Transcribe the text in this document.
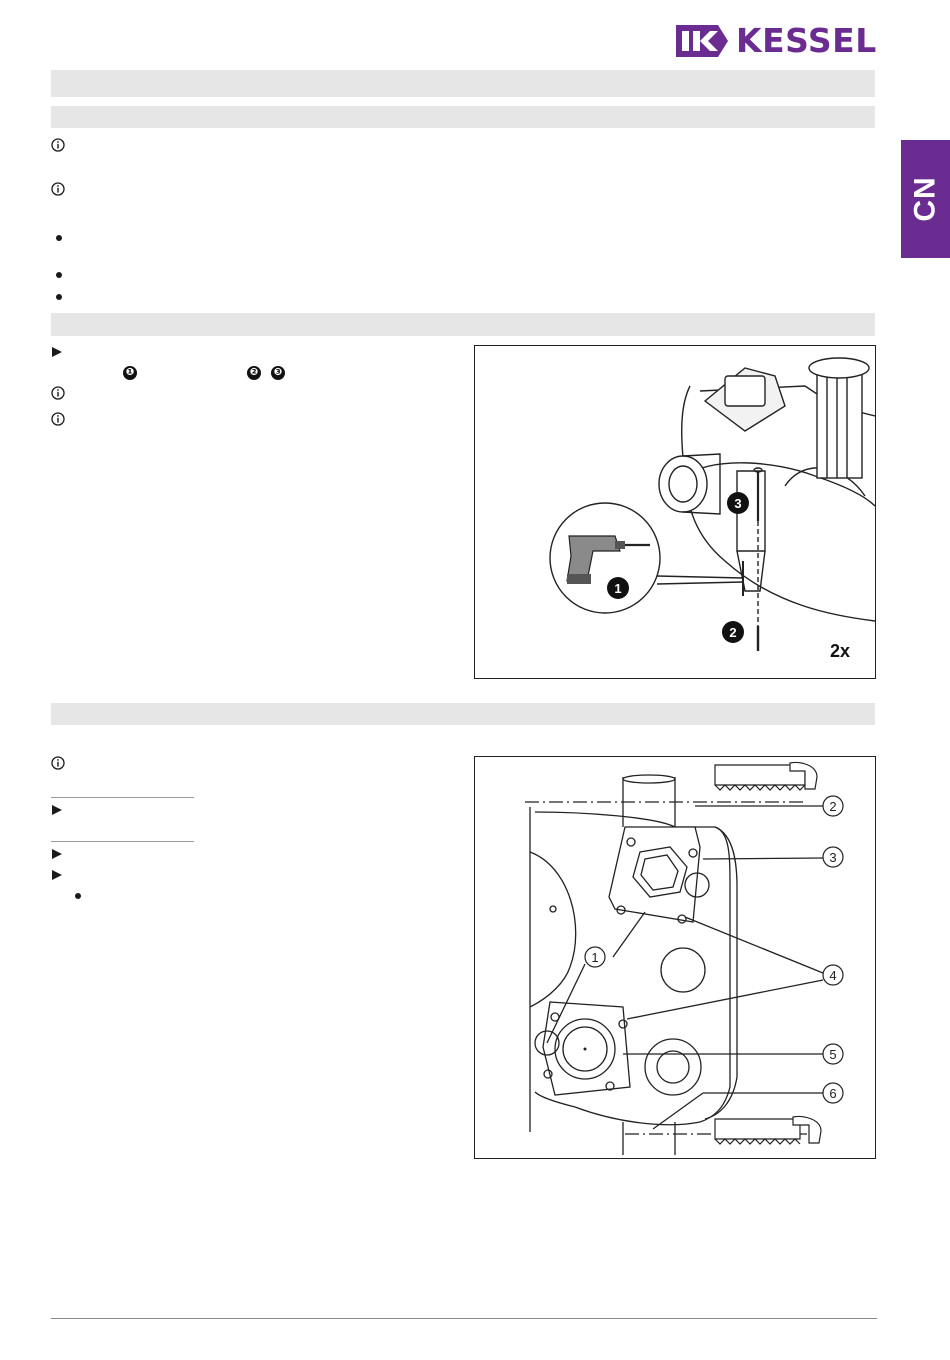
KESSEL
CN
❶	❷ ❸
1
2
3
2x
1
2
3
4
5
6
